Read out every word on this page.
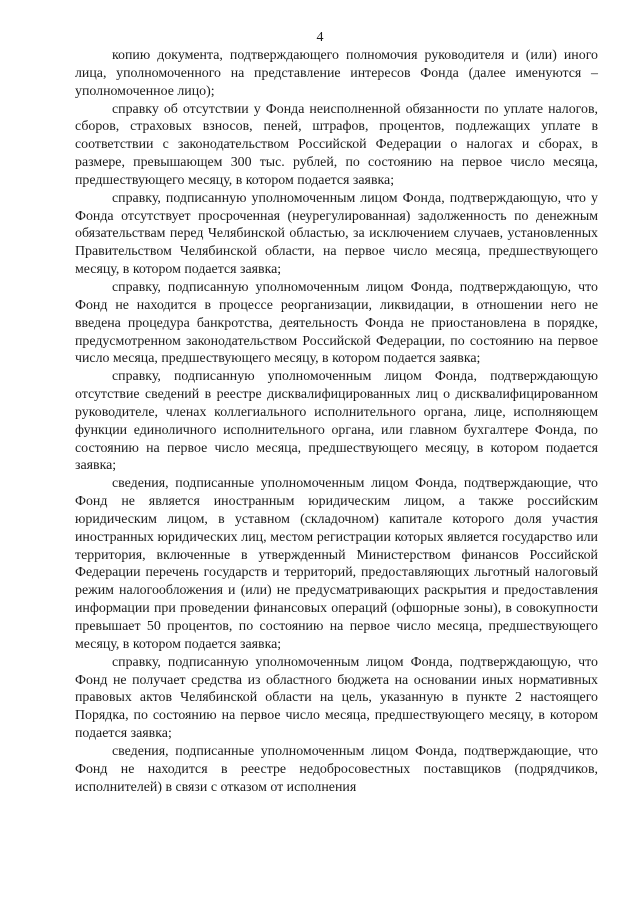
4

копию документа, подтверждающего полномочия руководителя и (или) иного лица, уполномоченного на представление интересов Фонда (далее именуются – уполномоченное лицо);

справку об отсутствии у Фонда неисполненной обязанности по уплате налогов, сборов, страховых взносов, пеней, штрафов, процентов, подлежащих уплате в соответствии с законодательством Российской Федерации о налогах и сборах, в размере, превышающем 300 тыс. рублей, по состоянию на первое число месяца, предшествующего месяцу, в котором подается заявка;

справку, подписанную уполномоченным лицом Фонда, подтверждающую, что у Фонда отсутствует просроченная (неурегулированная) задолженность по денежным обязательствам перед Челябинской областью, за исключением случаев, установленных Правительством Челябинской области, на первое число месяца, предшествующего месяцу, в котором подается заявка;

справку, подписанную уполномоченным лицом Фонда, подтверждающую, что Фонд не находится в процессе реорганизации, ликвидации, в отношении него не введена процедура банкротства, деятельность Фонда не приостановлена в порядке, предусмотренном законодательством Российской Федерации, по состоянию на первое число месяца, предшествующего месяцу, в котором подается заявка;

справку, подписанную уполномоченным лицом Фонда, подтверждающую отсутствие сведений в реестре дисквалифицированных лиц о дисквалифицированном руководителе, членах коллегиального исполнительного органа, лице, исполняющем функции единоличного исполнительного органа, или главном бухгалтере Фонда, по состоянию на первое число месяца, предшествующего месяцу, в котором подается заявка;

сведения, подписанные уполномоченным лицом Фонда, подтверждающие, что Фонд не является иностранным юридическим лицом, а также российским юридическим лицом, в уставном (складочном) капитале которого доля участия иностранных юридических лиц, местом регистрации которых является государство или территория, включенные в утвержденный Министерством финансов Российской Федерации перечень государств и территорий, предоставляющих льготный налоговый режим налогообложения и (или) не предусматривающих раскрытия и предоставления информации при проведении финансовых операций (офшорные зоны), в совокупности превышает 50 процентов, по состоянию на первое число месяца, предшествующего месяцу, в котором подается заявка;

справку, подписанную уполномоченным лицом Фонда, подтверждающую, что Фонд не получает средства из областного бюджета на основании иных нормативных правовых актов Челябинской области на цель, указанную в пункте 2 настоящего Порядка, по состоянию на первое число месяца, предшествующего месяцу, в котором подается заявка;

сведения, подписанные уполномоченным лицом Фонда, подтверждающие, что Фонд не находится в реестре недобросовестных поставщиков (подрядчиков, исполнителей) в связи с отказом от исполнения
